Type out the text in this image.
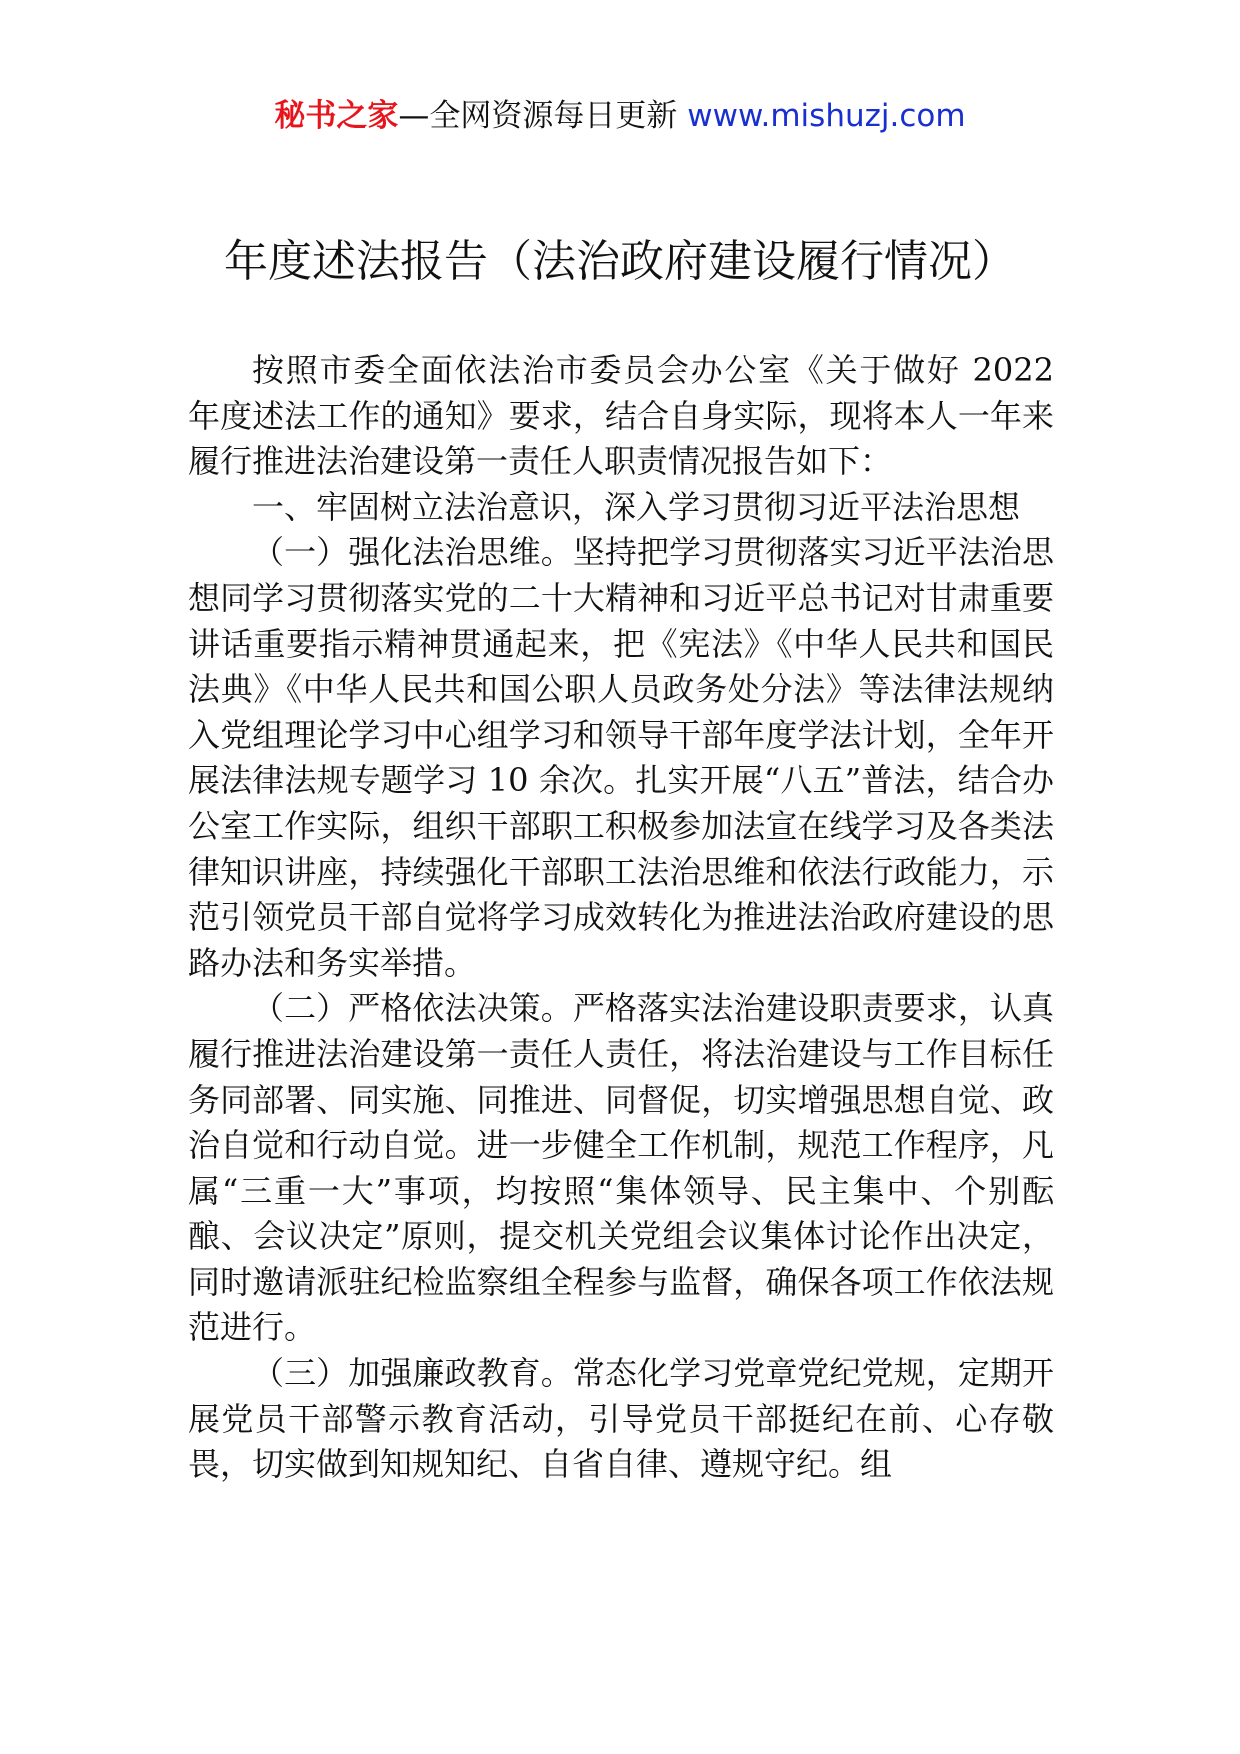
秘书之家—全网资源每日更新 www.mishuzj.com
年度述法报告（法治政府建设履行情况）

按照市委全面依法治市委员会办公室《关于做好 2022 年度述法工作的通知》要求，结合自身实际，现将本人一年来履行推进法治建设第一责任人职责情况报告如下：

一、牢固树立法治意识，深入学习贯彻习近平法治思想

（一）强化法治思维。坚持把学习贯彻落实习近平法治思想同学习贯彻落实党的二十大精神和习近平总书记对甘肃重要讲话重要指示精神贯通起来，把《宪法》《中华人民共和国民法典》《中华人民共和国公职人员政务处分法》等法律法规纳入党组理论学习中心组学习和领导干部年度学法计划，全年开展法律法规专题学习 10 余次。扎实开展“八五”普法，结合办公室工作实际，组织干部职工积极参加法宣在线学习及各类法律知识讲座，持续强化干部职工法治思维和依法行政能力，示范引领党员干部自觉将学习成效转化为推进法治政府建设的思路办法和务实举措。

（二）严格依法决策。严格落实法治建设职责要求，认真履行推进法治建设第一责任人责任，将法治建设与工作目标任务同部署、同实施、同推进、同督促，切实增强思想自觉、政治自觉和行动自觉。进一步健全工作机制，规范工作程序，凡属“三重一大”事项，均按照“集体领导、民主集中、个别酝酿、会议决定”原则，提交机关党组会议集体讨论作出决定，同时邀请派驻纪检监察组全程参与监督，确保各项工作依法规范进行。

（三）加强廉政教育。常态化学习党章党纪党规，定期开展党员干部警示教育活动，引导党员干部挺纪在前、心存敬畏，切实做到知规知纪、自省自律、遵规守纪。组
